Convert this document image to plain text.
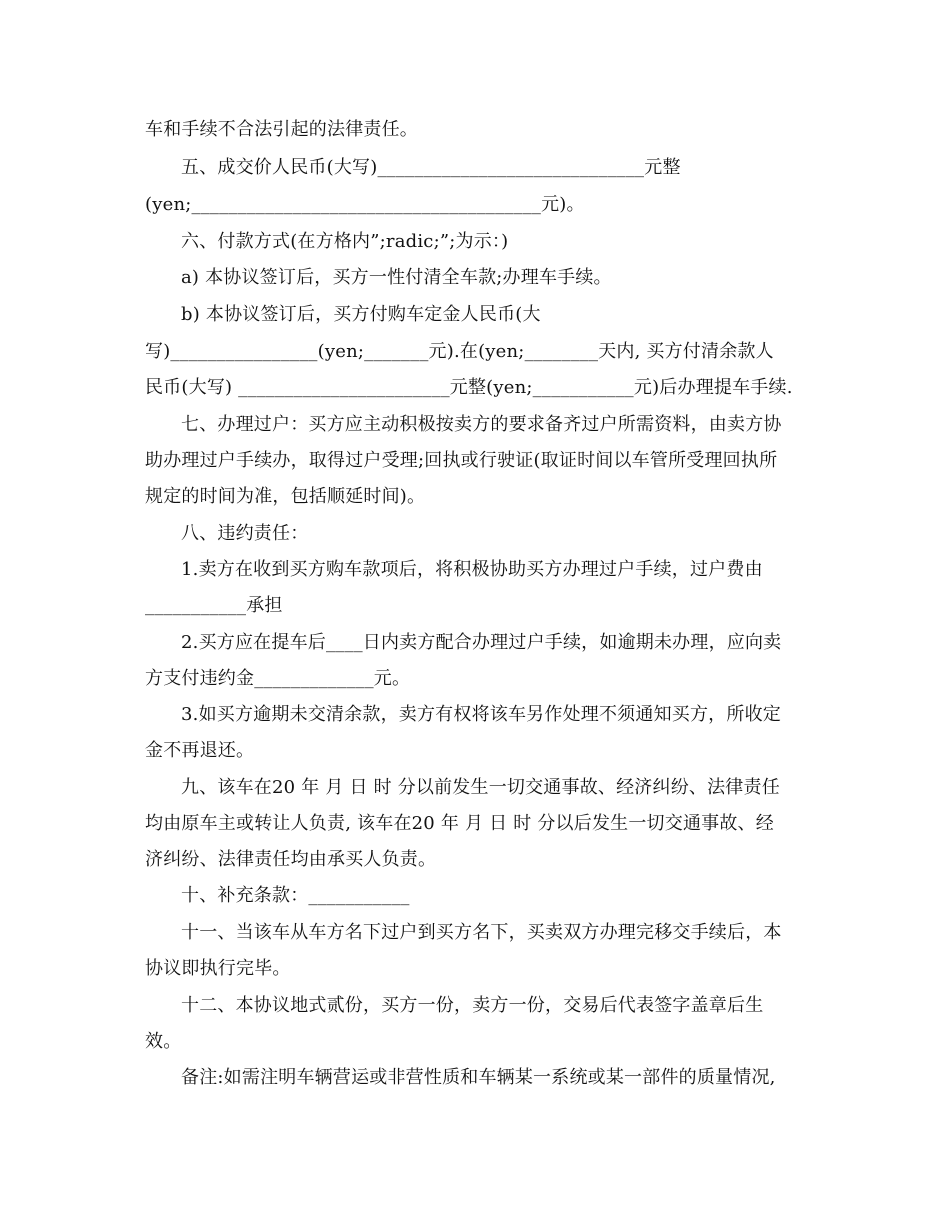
车和手续不合法引起的法律责任。
五、成交价人民币(大写)_____________________________元整
(yen;______________________________________元)。
六、付款方式(在方格内”;radic;”;为示：)
a) 本协议签订后，买方一性付清全车款;办理车手续。
b) 本协议签订后，买方付购车定金人民币(大
写)________________(yen;_______元).在(yen;________天内, 买方付清余款人
民币(大写) _______________________元整(yen;___________元)后办理提车手续.
七、办理过户：买方应主动积极按卖方的要求备齐过户所需资料，由卖方协
助办理过户手续办，取得过户受理;回执或行驶证(取证时间以车管所受理回执所
规定的时间为准，包括顺延时间)。
八、违约责任：
1.卖方在收到买方购车款项后，将积极协助买方办理过户手续，过户费由
___________承担
2.买方应在提车后____日内卖方配合办理过户手续，如逾期未办理，应向卖
方支付违约金_____________元。
3.如买方逾期未交清余款，卖方有权将该车另作处理不须通知买方，所收定
金不再退还。
九、该车在20 年 月 日 时 分以前发生一切交通事故、经济纠纷、法律责任
均由原车主或转让人负责, 该车在20 年 月 日 时 分以后发生一切交通事故、经
济纠纷、法律责任均由承买人负责。
十、补充条款：___________
十一、当该车从车方名下过户到买方名下，买卖双方办理完移交手续后，本
协议即执行完毕。
十二、本协议地式贰份，买方一份，卖方一份，交易后代表签字盖章后生
效。
备注:如需注明车辆营运或非营性质和车辆某一系统或某一部件的质量情况,
